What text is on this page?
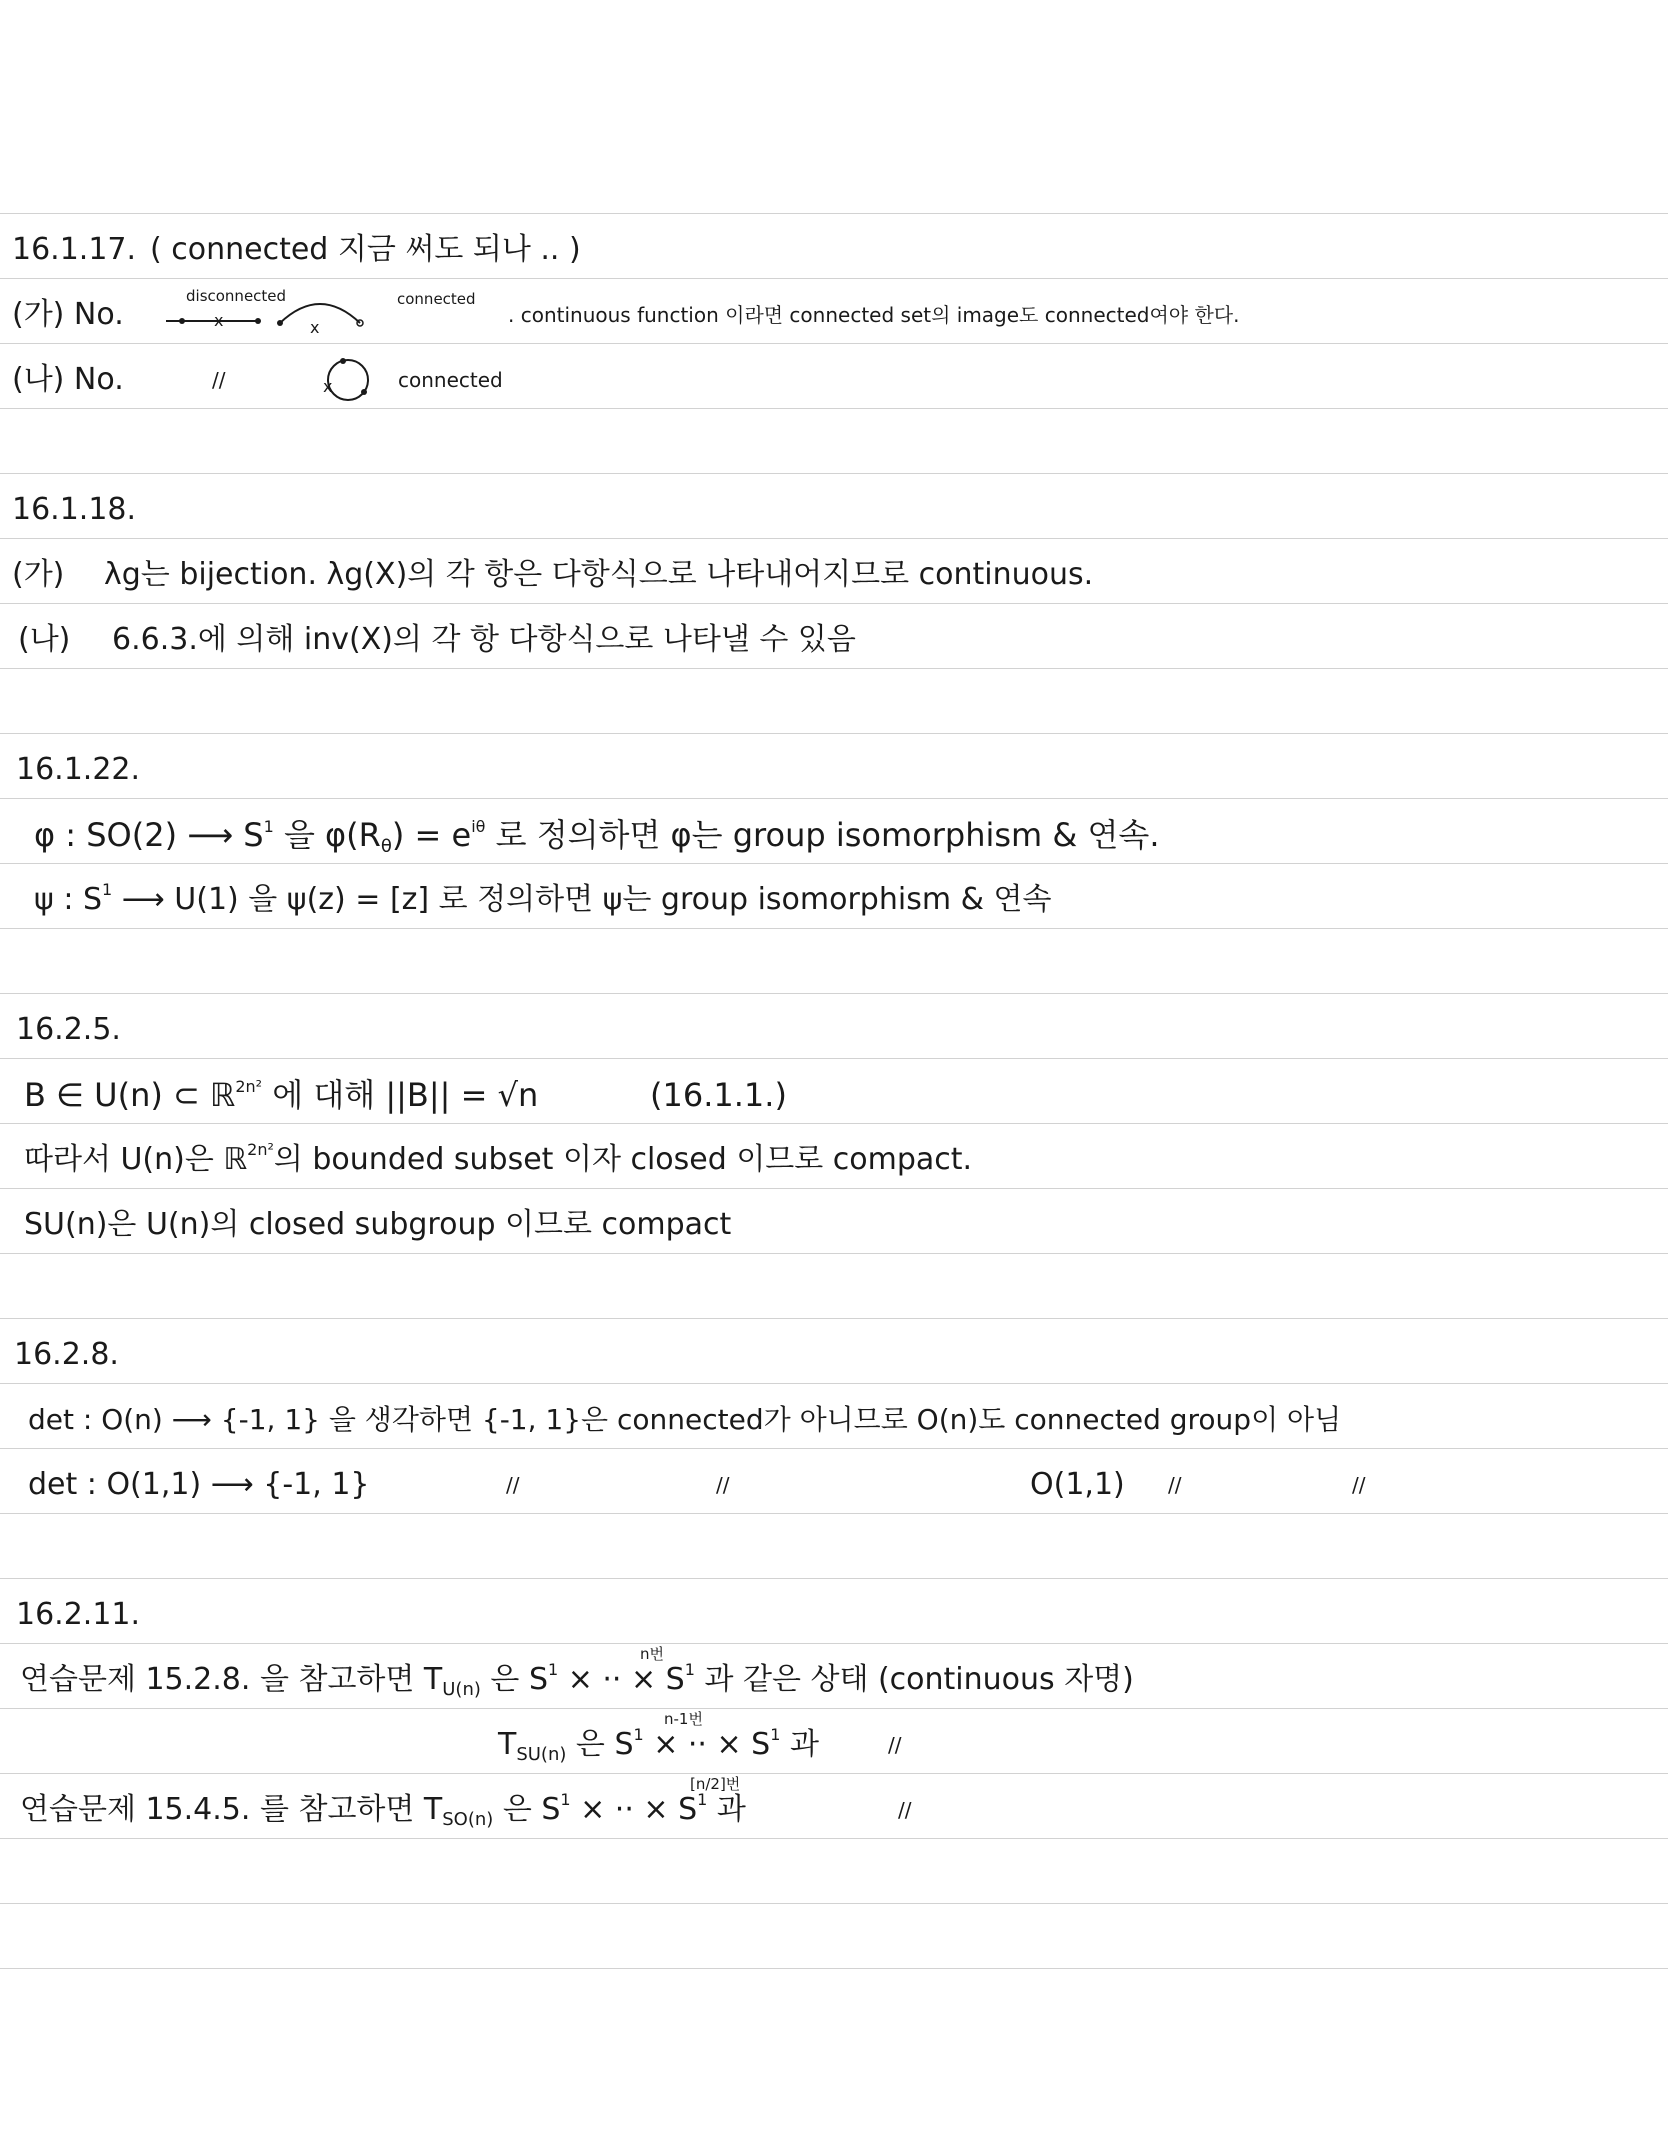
16.1.17. ( connected 지금 써도 되나 .. )
(가) No.
disconnected	connected
. continuous function 이라면 connected set의 image도 connected여야 한다.
x	x
(나) No.	//	connected
x
16.1.18.
(가) λg는 bijection. λg(X)의 각 항은 다항식으로 나타내어지므로 continuous.
(나) 6.6.3.에 의해 inv(X)의 각 항 다항식으로 나타낼 수 있음
16.1.22.
φ : SO(2) ⟶ $S^1$ 을 $\varphi(R_\theta) = e^{i\theta}$ 로 정의하면 φ는 group isomorphism & 연속.
ψ : $S^1$ ⟶ U(1) 을 ψ(z) = [z] 로 정의하면 ψ는 group isomorphism & 연속
16.2.5.
B ∈ U(n) ⊂ ℝ$^{2n^2}$ 에 대해 ||B|| = √n	(16.1.1.)
따라서 U(n)은 ℝ$^{2n^2}$의 bounded subset 이자 closed 이므로 compact.
SU(n)은 U(n)의 closed subgroup 이므로 compact
16.2.8.
det : O(n) ⟶ {-1, 1} 을 생각하면 {-1, 1}은 connected가 아니므로 O(n)도 connected group이 아님
det : O(1,1) ⟶ {-1, 1}	//	//	O(1,1) //	//
16.2.11.
연습문제 15.2.8. 을 참고하면 $T_{U(n)}$ 은 $S^1$ × ·· × $S^1$ 과 같은 상태 (continuous 자명)
n번
$T_{SU(n)}$ 은 $S^1$ × ·· × $S^1$ 과	//
n-1번
연습문제 15.4.5. 를 참고하면 $T_{SO(n)}$ 은 $S^1$ × ·· × $S^1$ 과	//
[n/2]번
